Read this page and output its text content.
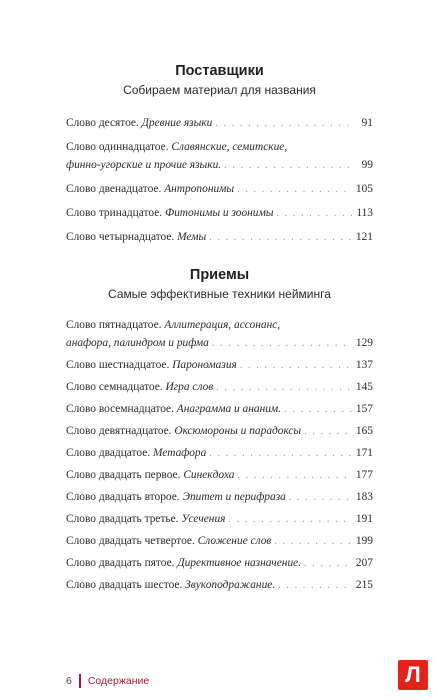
Поставщики
Собираем материал для названия
Слово десятое. Древние языки . . .	91
Слово одиннадцатое. Славянские, семитские,
финно-угорские и прочие языки. . . .	99
Слово двенадцатое. Антропонимы . . .	105
Слово тринадцатое. Фитонимы и зоонимы . . .	113
Слово четырнадцатое. Мемы . . .	121
Приемы
Самые эффективные техники нейминга
Слово пятнадцатое. Аллитерация, ассонанс,
анафора, палиндром и рифма . . .	129
Слово шестнадцатое. Парономазия . . .	137
Слово семнадцатое. Игра слов . . .	145
Слово восемнадцатое. Анаграмма и ананим. . . .	157
Слово девятнадцатое. Оксюмороны и парадоксы . . .	165
Слово двадцатое. Метафора . . .	171
Слово двадцать первое. Синекдоха . . .	177
Слово двадцать второе. Эпитет и перифраза . . .	183
Слово двадцать третье. Усечения . . .	191
Слово двадцать четвертое. Сложение слов . . .	199
Слово двадцать пятое. Директивное назначение. . . .	207
Слово двадцать шестое. Звукоподражание. . . .	215
6 Содержание	Л
